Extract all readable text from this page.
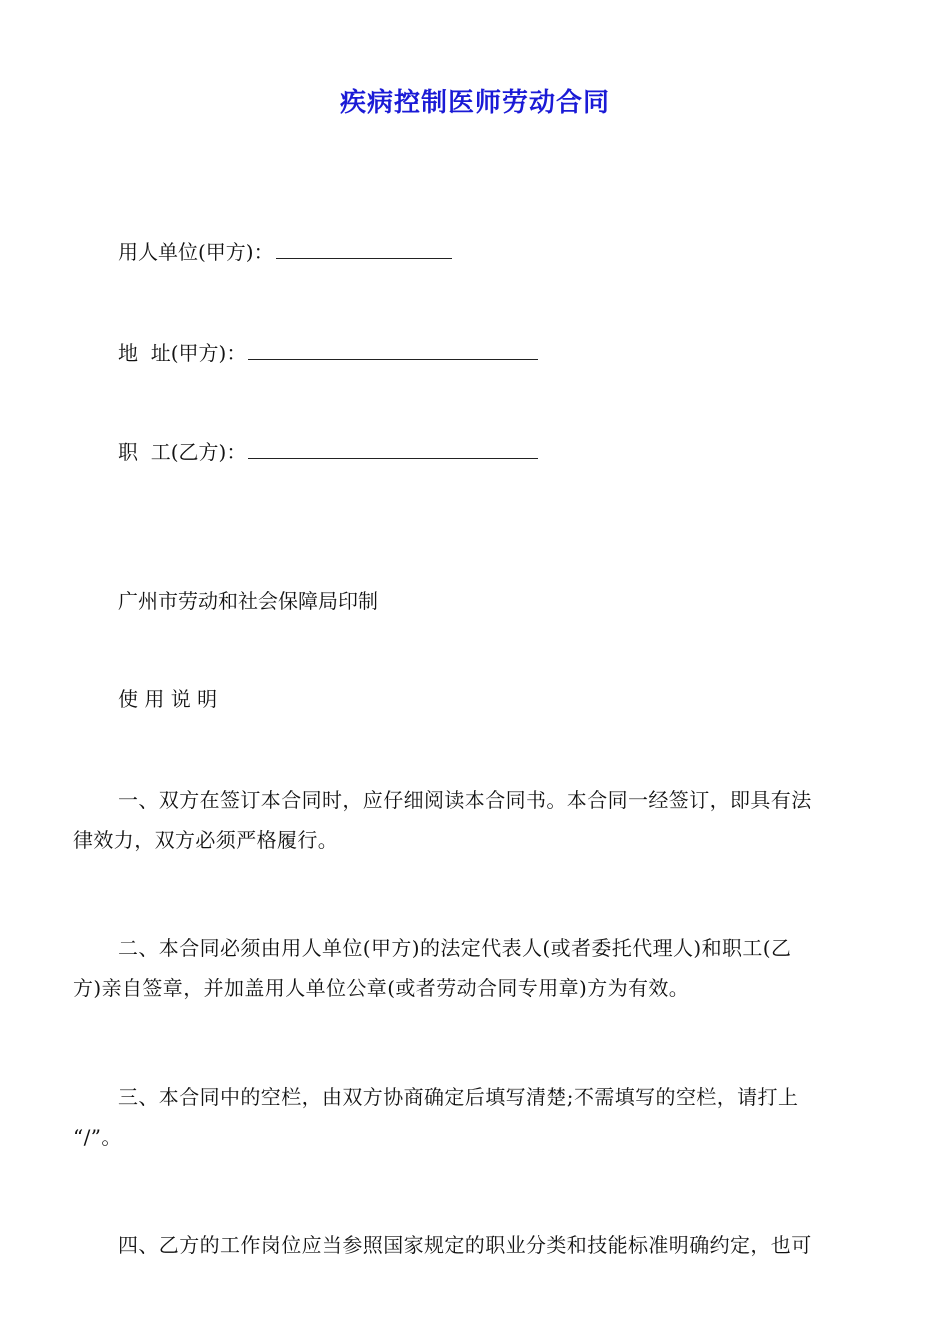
疾病控制医师劳动合同
用人单位(甲方)：
地  址(甲方)：
职  工(乙方)：
广州市劳动和社会保障局印制
使 用 说 明
一、双方在签订本合同时，应仔细阅读本合同书。本合同一经签订，即具有法
律效力，双方必须严格履行。
二、本合同必须由用人单位(甲方)的法定代表人(或者委托代理人)和职工(乙
方)亲自签章，并加盖用人单位公章(或者劳动合同专用章)方为有效。
三、本合同中的空栏，由双方协商确定后填写清楚;不需填写的空栏，请打上
“/”。
四、乙方的工作岗位应当参照国家规定的职业分类和技能标准明确约定，也可
